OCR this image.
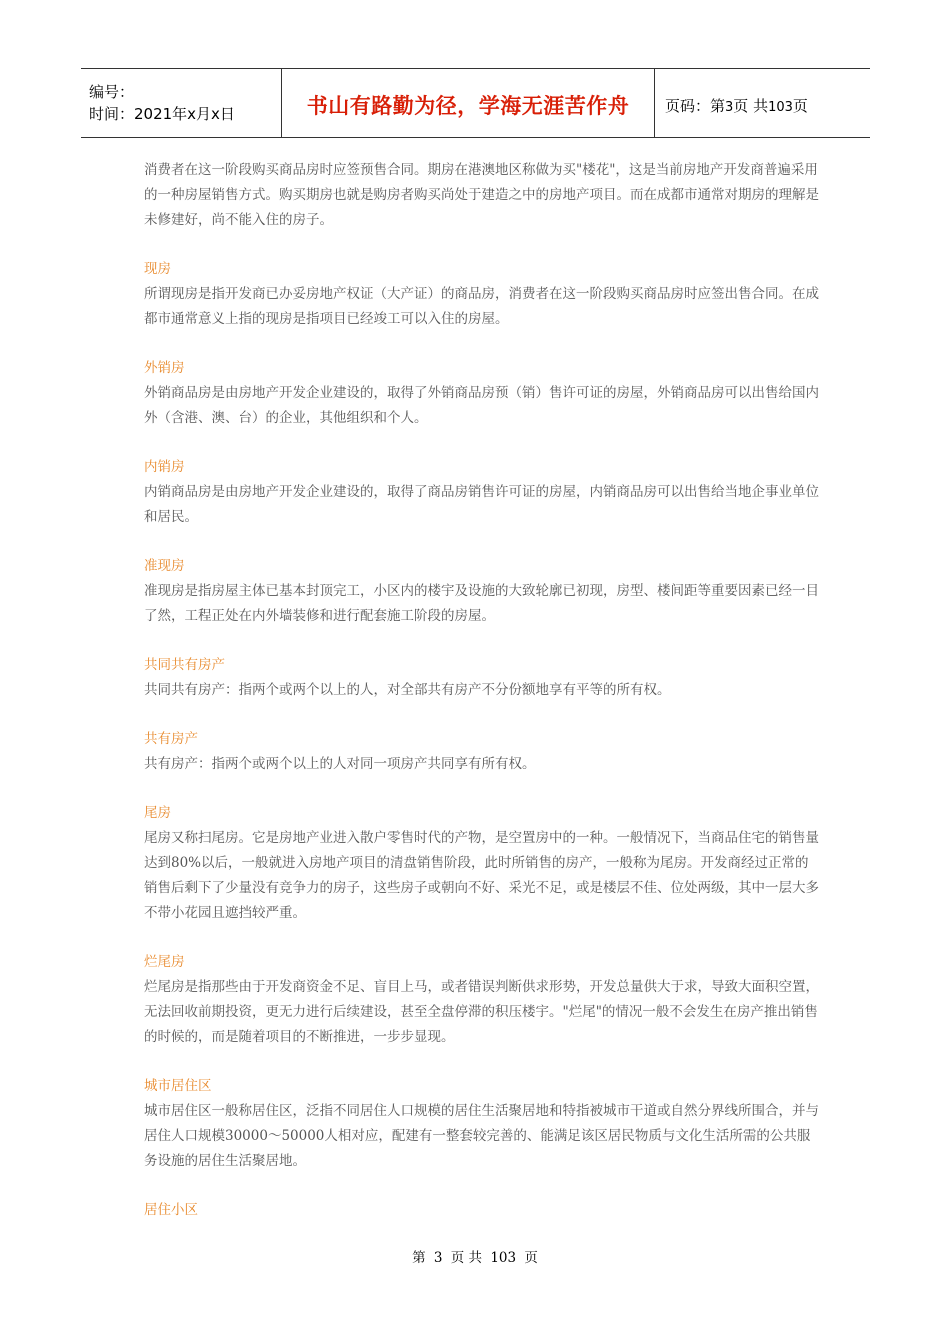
编号：
时间：2021年x月x日	书山有路勤为径，学海无涯苦作舟 页码：第3页 共103页

消费者在这一阶段购买商品房时应签预售合同。期房在港澳地区称做为买"楼花"，这是当前房地产开发商普遍采用的一种房屋销售方式。购买期房也就是购房者购买尚处于建造之中的房地产项目。而在成都市通常对期房的理解是未修建好，尚不能入住的房子。

现房

所谓现房是指开发商已办妥房地产权证（大产证）的商品房，消费者在这一阶段购买商品房时应签出售合同。在成都市通常意义上指的现房是指项目已经竣工可以入住的房屋。

外销房

外销商品房是由房地产开发企业建设的，取得了外销商品房预（销）售许可证的房屋，外销商品房可以出售给国内外（含港、澳、台）的企业，其他组织和个人。

内销房

内销商品房是由房地产开发企业建设的，取得了商品房销售许可证的房屋，内销商品房可以出售给当地企事业单位和居民。

准现房

准现房是指房屋主体已基本封顶完工，小区内的楼宇及设施的大致轮廓已初现，房型、楼间距等重要因素已经一目了然，工程正处在内外墙装修和进行配套施工阶段的房屋。

共同共有房产

共同共有房产：指两个或两个以上的人，对全部共有房产不分份额地享有平等的所有权。

共有房产

共有房产：指两个或两个以上的人对同一项房产共同享有所有权。

尾房

尾房又称扫尾房。它是房地产业进入散户零售时代的产物，是空置房中的一种。一般情况下，当商品住宅的销售量达到80%以后，一般就进入房地产项目的清盘销售阶段，此时所销售的房产，一般称为尾房。开发商经过正常的销售后剩下了少量没有竞争力的房子，这些房子或朝向不好、采光不足，或是楼层不佳、位处两级，其中一层大多不带小花园且遮挡较严重。

烂尾房

烂尾房是指那些由于开发商资金不足、盲目上马，或者错误判断供求形势，开发总量供大于求，导致大面积空置，无法回收前期投资，更无力进行后续建设，甚至全盘停滞的积压楼宇。"烂尾"的情况一般不会发生在房产推出销售的时候的，而是随着项目的不断推进，一步步显现。

城市居住区

城市居住区一般称居住区，泛指不同居住人口规模的居住生活聚居地和特指被城市干道或自然分界线所围合，并与居住人口规模30000～50000人相对应，配建有一整套较完善的、能满足该区居民物质与文化生活所需的公共服务设施的居住生活聚居地。

居住小区

第 3 页 共 103 页
